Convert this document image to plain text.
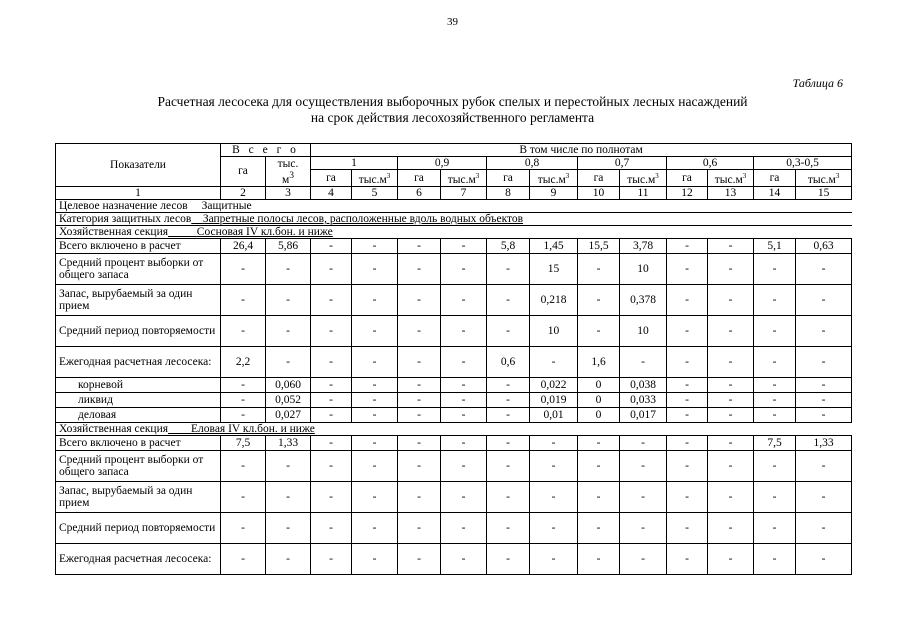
39
Таблица 6
Расчетная лесосека для осуществления выборочных рубок спелых и перестойных лесных насаждений
на срок действия лесохозяйственного регламента
Показатели	В с е г о		В том числе по полнотам											
	га	тыс.
$м^3$	1		0,9		0,8		0,7		0,6		0,3-0,5	
			га	$тыс.м^3$	га	$тыс.м^3$	га	$тыс.м^3$	га	$тыс.м^3$	га	$тыс.м^3$	га	$тыс.м^3$
1	2	3	4	5	6	7	8	9	10	11	12	13	14	15
Целевое назначение лесов Защитные														
Категория защитных лесов__Запретные полосы лесов, расположенные вдоль водных объектов														
Хозяйственная секция_____Сосновая IV кл.бон. и ниже														
Всего включено в расчет	26,4	5,86	-	-	-	-	5,8	1,45	15,5	3,78	-	-	5,1	0,63
Средний процент выборки от общего запаса	-	-	-	-	-	-	-	15	-	10	-	-	-	-
Запас, вырубаемый за один прием	-	-	-	-	-	-	-	0,218	-	0,378	-	-	-	-
Средний период повторяемости	-	-	-	-	-	-	-	10	-	10	-	-	-	-
Ежегодная расчетная лесосека:	2,2	-	-	-	-	-	0,6	-	1,6	-	-	-	-	-
корневой	-	0,060	-	-	-	-	-	0,022	0	0,038	-	-	-	-
ликвид	-	0,052	-	-	-	-	-	0,019	0	0,033	-	-	-	-
деловая	-	0,027	-	-	-	-	-	0,01	0	0,017	-	-	-	-
Хозяйственная секция____Еловая IV кл.бон. и ниже														
Всего включено в расчет	7,5	1,33	-	-	-	-	-	-	-	-	-	-	7,5	1,33
Средний процент выборки от общего запаса	-	-	-	-	-	-	-	-	-	-	-	-	-	-
Запас, вырубаемый за один прием	-	-	-	-	-	-	-	-	-	-	-	-	-	-
Средний период повторяемости	-	-	-	-	-	-	-	-	-	-	-	-	-	-
Ежегодная расчетная лесосека:	-	-	-	-	-	-	-	-	-	-	-	-	-	-
